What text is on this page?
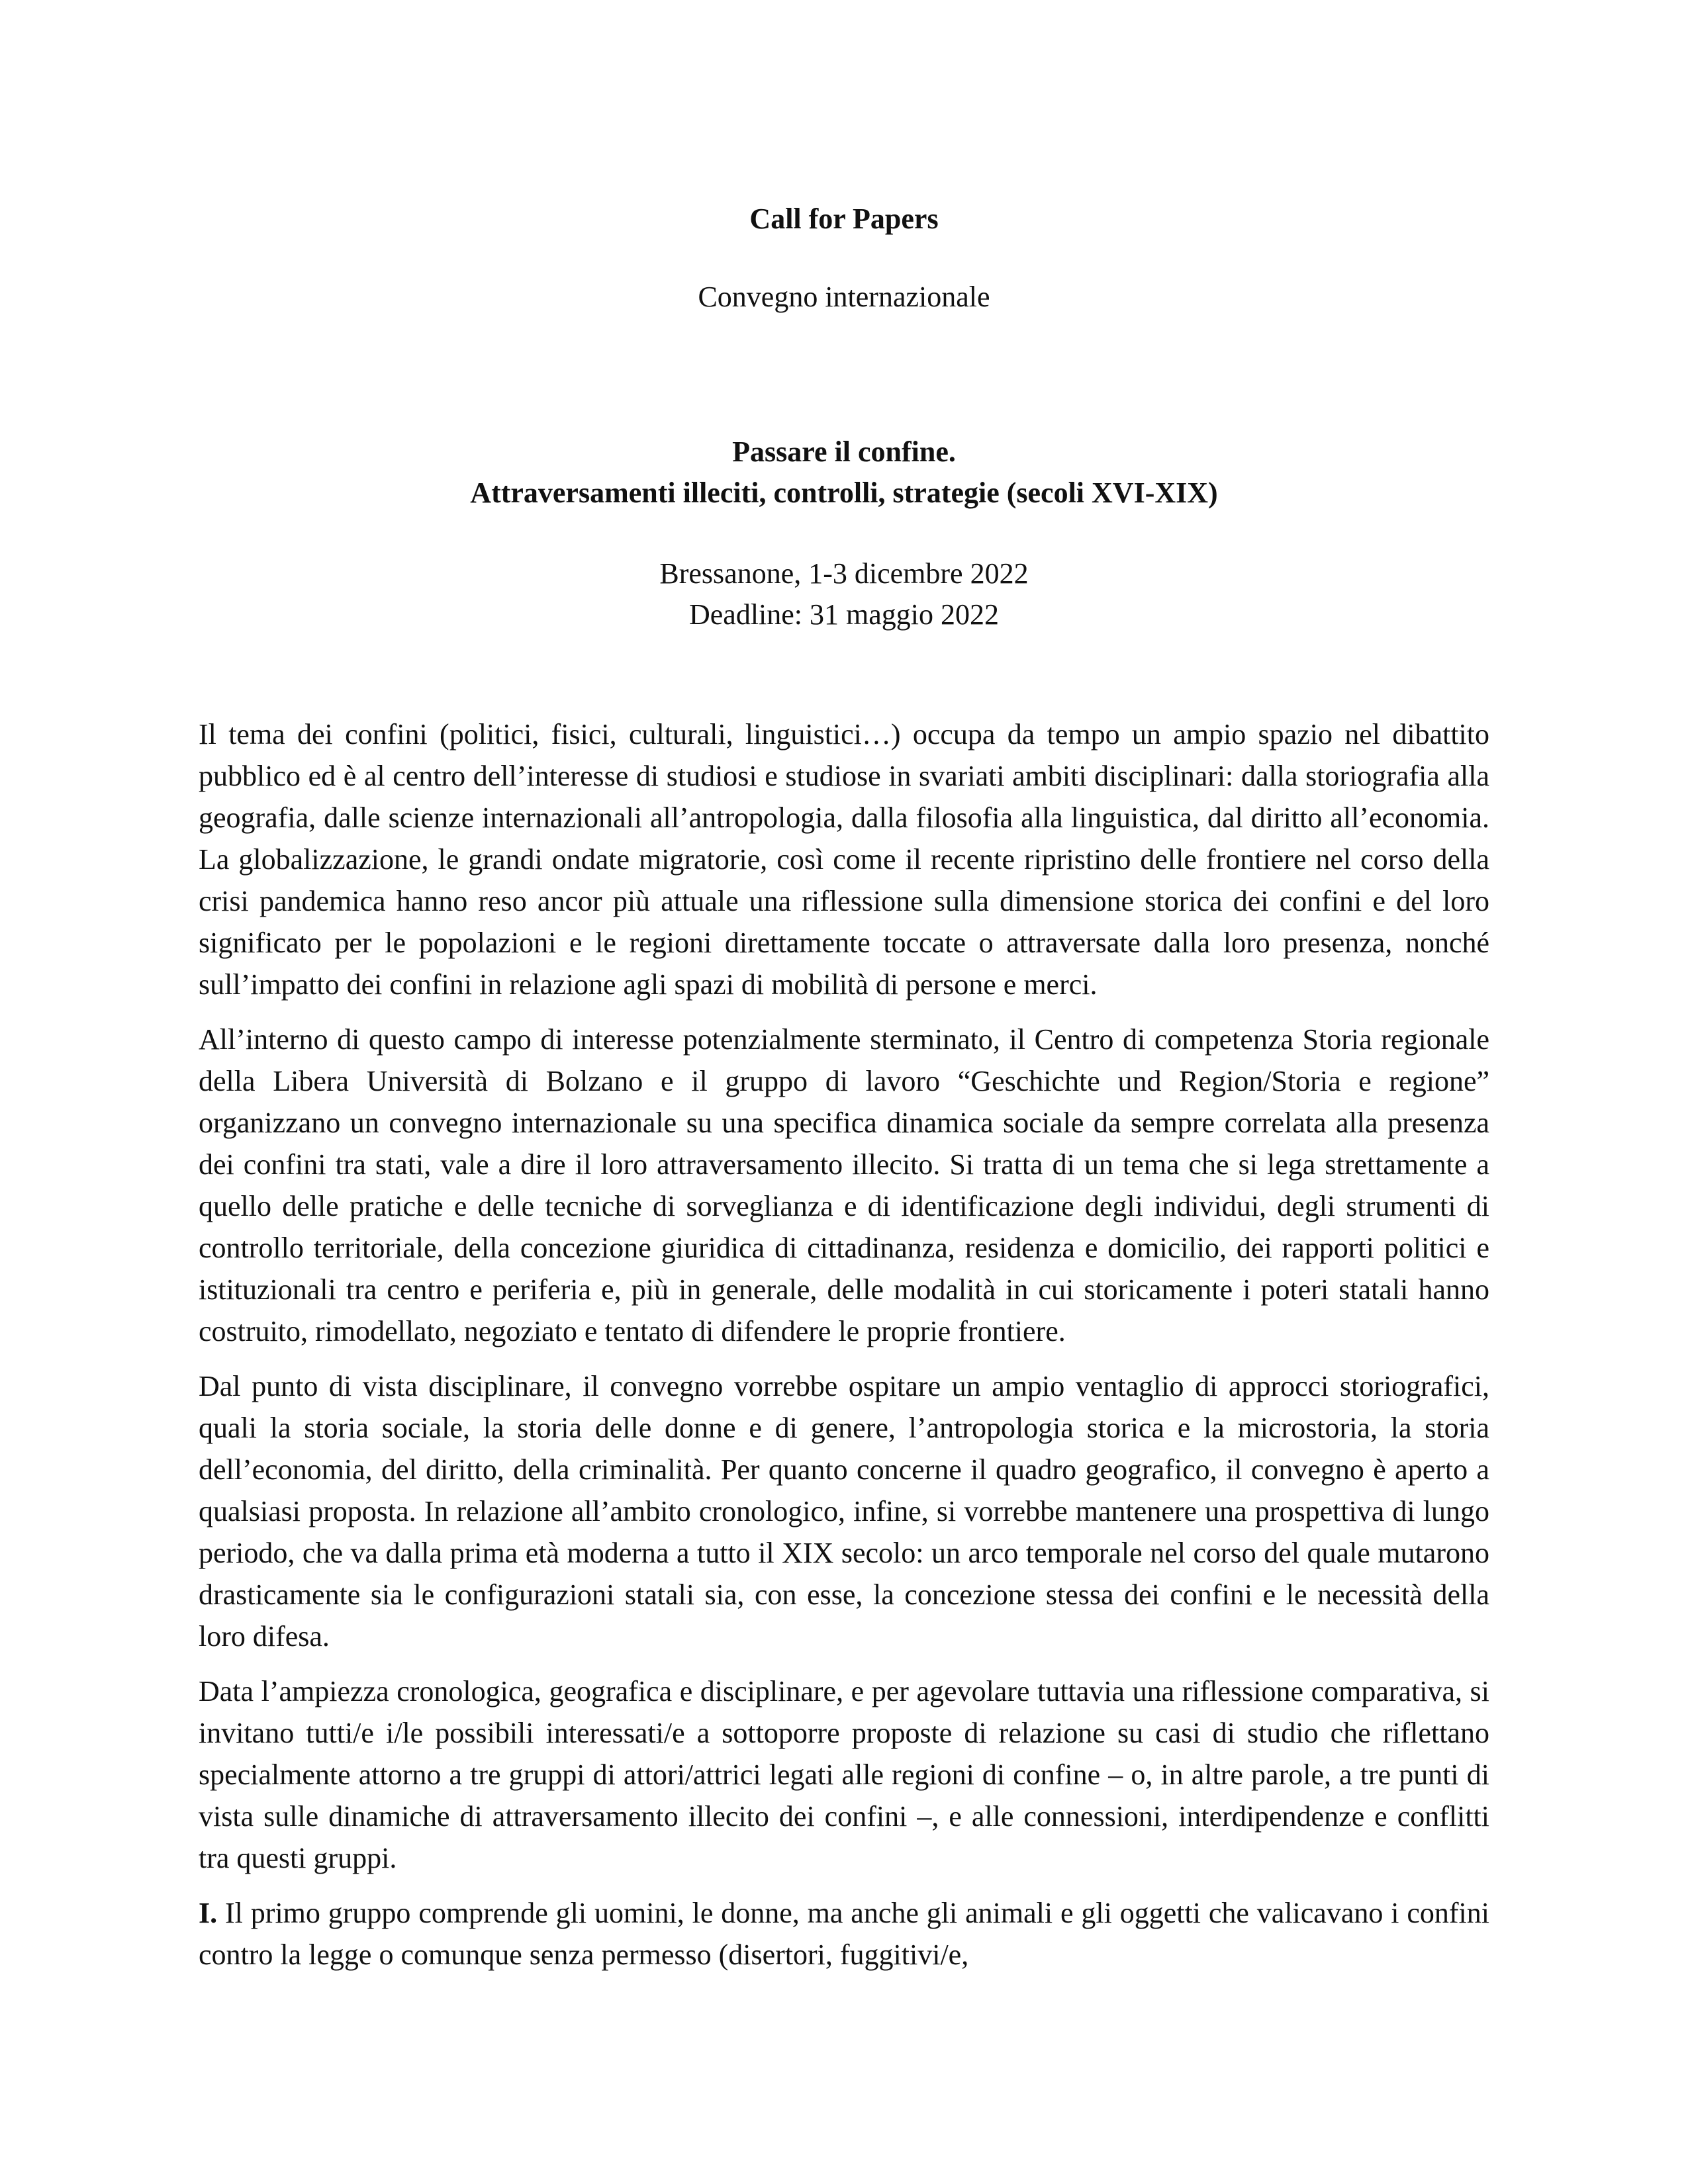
Call for Papers
Convegno internazionale
Passare il confine.
Attraversamenti illeciti, controlli, strategie (secoli XVI-XIX)
Bressanone, 1-3 dicembre 2022
Deadline: 31 maggio 2022

Il tema dei confini (politici, fisici, culturali, linguistici…) occupa da tempo un ampio spazio nel dibattito pubblico ed è al centro dell’interesse di studiosi e studiose in svariati ambiti disciplinari: dalla storiografia alla geografia, dalle scienze internazionali all’antropologia, dalla filosofia alla linguistica, dal diritto all’economia. La globalizzazione, le grandi ondate migratorie, così come il recente ripristino delle frontiere nel corso della crisi pandemica hanno reso ancor più attuale una riflessione sulla dimensione storica dei confini e del loro significato per le popolazioni e le regioni direttamente toccate o attraversate dalla loro presenza, nonché sull’impatto dei confini in relazione agli spazi di mobilità di persone e merci.

All’interno di questo campo di interesse potenzialmente sterminato, il Centro di competenza Storia regionale della Libera Università di Bolzano e il gruppo di lavoro “Geschichte und Region/Storia e regione” organizzano un convegno internazionale su una specifica dinamica sociale da sempre correlata alla presenza dei confini tra stati, vale a dire il loro attraversamento illecito. Si tratta di un tema che si lega strettamente a quello delle pratiche e delle tecniche di sorveglianza e di identificazione degli individui, degli strumenti di controllo territoriale, della concezione giuridica di cittadinanza, residenza e domicilio, dei rapporti politici e istituzionali tra centro e periferia e, più in generale, delle modalità in cui storicamente i poteri statali hanno costruito, rimodellato, negoziato e tentato di difendere le proprie frontiere.

Dal punto di vista disciplinare, il convegno vorrebbe ospitare un ampio ventaglio di approcci storiografici, quali la storia sociale, la storia delle donne e di genere, l’antropologia storica e la microstoria, la storia dell’economia, del diritto, della criminalità. Per quanto concerne il quadro geografico, il convegno è aperto a qualsiasi proposta. In relazione all’ambito cronologico, infine, si vorrebbe mantenere una prospettiva di lungo periodo, che va dalla prima età moderna a tutto il XIX secolo: un arco temporale nel corso del quale mutarono drasticamente sia le configurazioni statali sia, con esse, la concezione stessa dei confini e le necessità della loro difesa.

Data l’ampiezza cronologica, geografica e disciplinare, e per agevolare tuttavia una riflessione comparativa, si invitano tutti/e i/le possibili interessati/e a sottoporre proposte di relazione su casi di studio che riflettano specialmente attorno a tre gruppi di attori/attrici legati alle regioni di confine – o, in altre parole, a tre punti di vista sulle dinamiche di attraversamento illecito dei confini –, e alle connessioni, interdipendenze e conflitti tra questi gruppi.

I. Il primo gruppo comprende gli uomini, le donne, ma anche gli animali e gli oggetti che valicavano i confini contro la legge o comunque senza permesso (disertori, fuggitivi/e,
